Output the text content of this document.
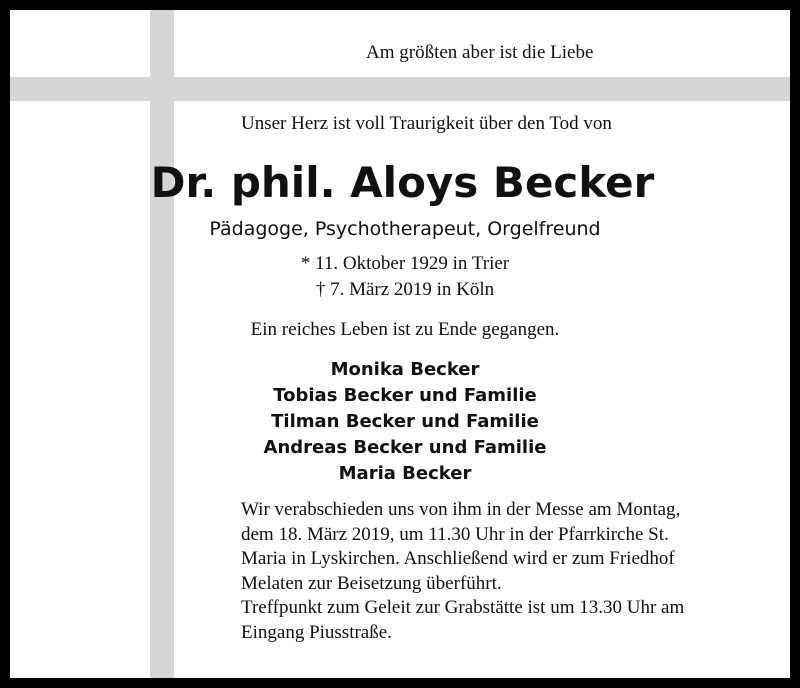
Am größten aber ist die Liebe
Unser Herz ist voll Traurigkeit über den Tod von
Dr. phil. Aloys Becker
Pädagoge, Psychotherapeut, Orgelfreund
* 11. Oktober 1929 in Trier
† 7. März 2019 in Köln
Ein reiches Leben ist zu Ende gegangen.
Monika Becker
Tobias Becker und Familie
Tilman Becker und Familie
Andreas Becker und Familie
Maria Becker
Wir verabschieden uns von ihm in der Messe am Montag,
dem 18. März 2019, um 11.30 Uhr in der Pfarrkirche St.
Maria in Lyskirchen. Anschließend wird er zum Friedhof
Melaten zur Beisetzung überführt.
Treffpunkt zum Geleit zur Grabstätte ist um 13.30 Uhr am
Eingang Piusstraße.
